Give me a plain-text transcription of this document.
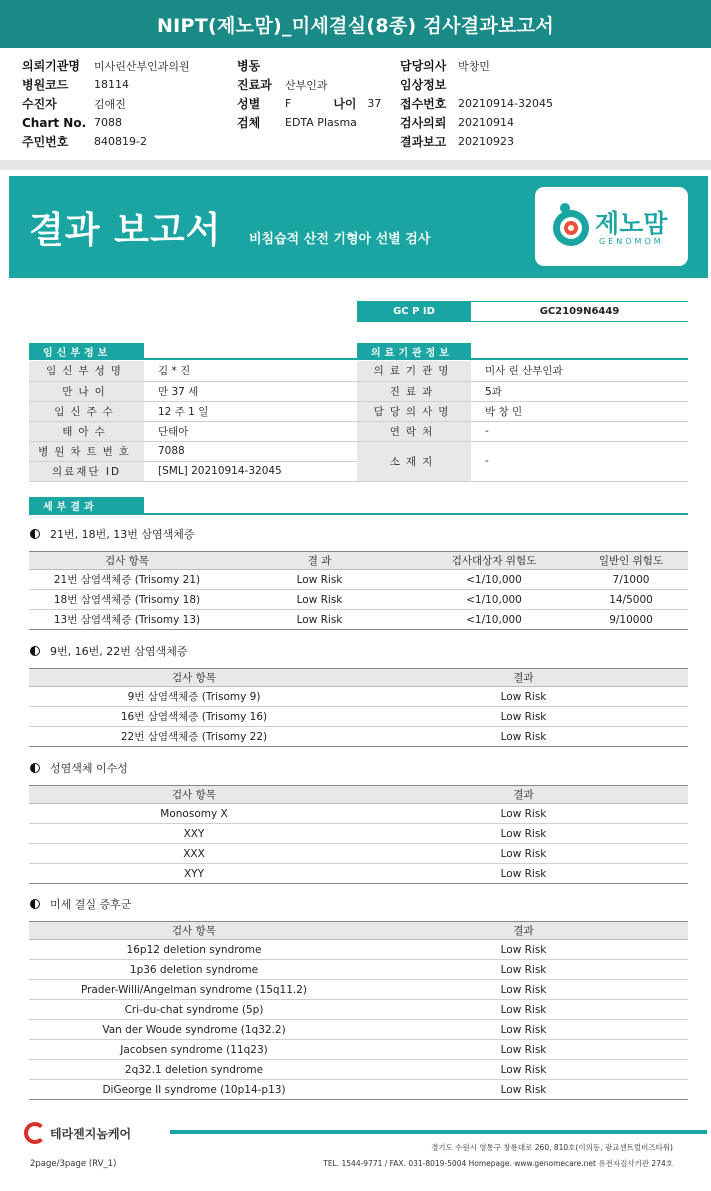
NIPT(제노맘)_미세결실(8종) 검사결과보고서
의뢰기관명	미사린산부인과의원
병원코드	18114
수진자	김애진
Chart No. 7088
주민번호	840819-2
병동
진료과	산부인과
성별	F	나이 37
검체	EDTA Plasma
담당의사	박창민
임상정보
접수번호	20210914-32045
검사의뢰	20210914
결과보고	20210923
결과 보고서 비침습적 산전 기형아 선별 검사
제노맘
GENOMOM
GC P ID	GC2109N6449
임신부정보
임신부성명	김 * 진
만나이	만 37 세
임신주수	12 주 1 일
태아수	단태아
병원차트번호	7088
의료재단 ID	[SML] 20210914-32045
의료기관정보
의료기관명	미사 린 산부인과
진료과	5과
담당의사명	박 창 민
연락처	-
소재지	-
세부결과
21번, 18번, 13번 삼염색체증
검사 항목	결 과	검사대상자 위험도	일반인 위험도
21번 삼염색체증 (Trisomy 21)	Low Risk	<1/10,000	7/1000
18번 삼염색체증 (Trisomy 18)	Low Risk	<1/10,000	14/5000
13번 삼염색체증 (Trisomy 13)	Low Risk	<1/10,000	9/10000
9번, 16번, 22번 삼염색체증
검사 항목	결과
9번 삼염색체증 (Trisomy 9)	Low Risk
16번 삼염색체증 (Trisomy 16)	Low Risk
22번 삼염색체증 (Trisomy 22)	Low Risk
성염색체 이수성
검사 항목	결과
Monosomy X	Low Risk
XXY	Low Risk
XXX	Low Risk
XYY	Low Risk
미세 결실 증후군
검사 항목	결과
16p12 deletion syndrome	Low Risk
1p36 deletion syndrome	Low Risk
Prader-Willi/Angelman syndrome (15q11.2)	Low Risk
Cri-du-chat syndrome (5p)	Low Risk
Van der Woude syndrome (1q32.2)	Low Risk
Jacobsen syndrome (11q23)	Low Risk
2q32.1 deletion syndrome	Low Risk
DiGeorge II syndrome (10p14-p13)	Low Risk
테라젠지놈케어
경기도 수원시 영통구 창룡대로 260, 810호(이의동, 광교센트럴비즈타워)
TEL. 1544-9771 / FAX. 031-8019-5004 Homepage. www.genomecare.net 유전자검사기관 274호
2page/3page (RV_1)
